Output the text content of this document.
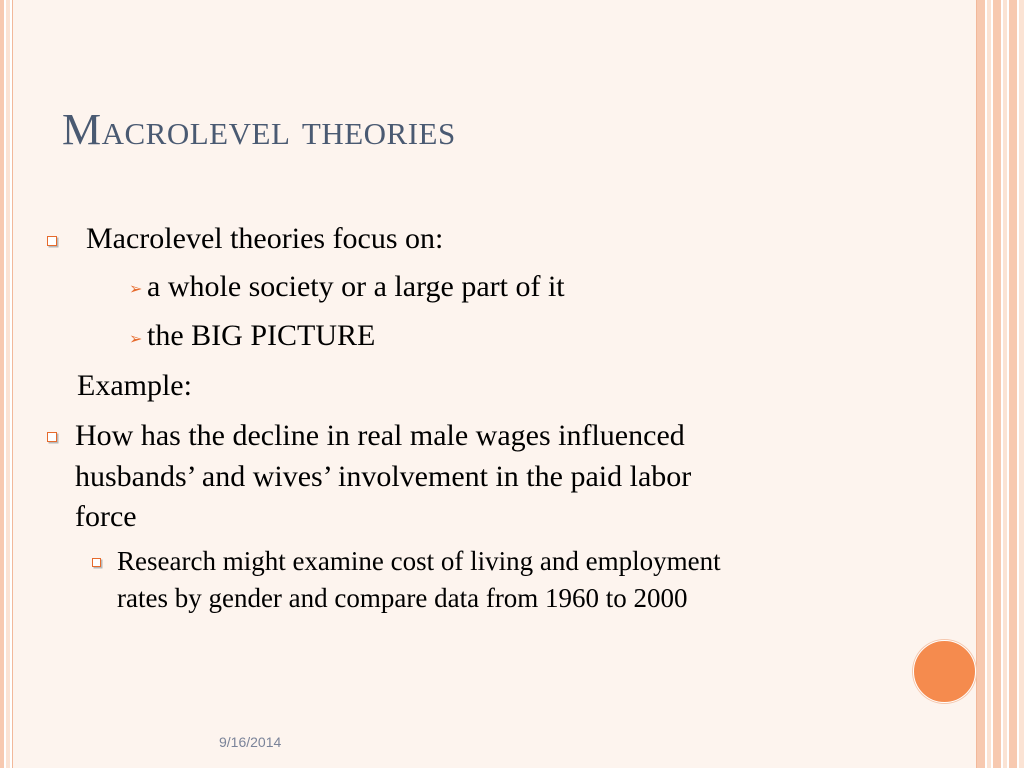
Macrolevel theories
Macrolevel theories focus on:
➢ a whole society or a large part of it
➢ the BIG PICTURE
Example:
How has the decline in real male wages influenced
husbands’ and wives’ involvement in the paid labor
force
Research might examine cost of living and employment
rates by gender and compare data from 1960 to 2000
9/16/2014
